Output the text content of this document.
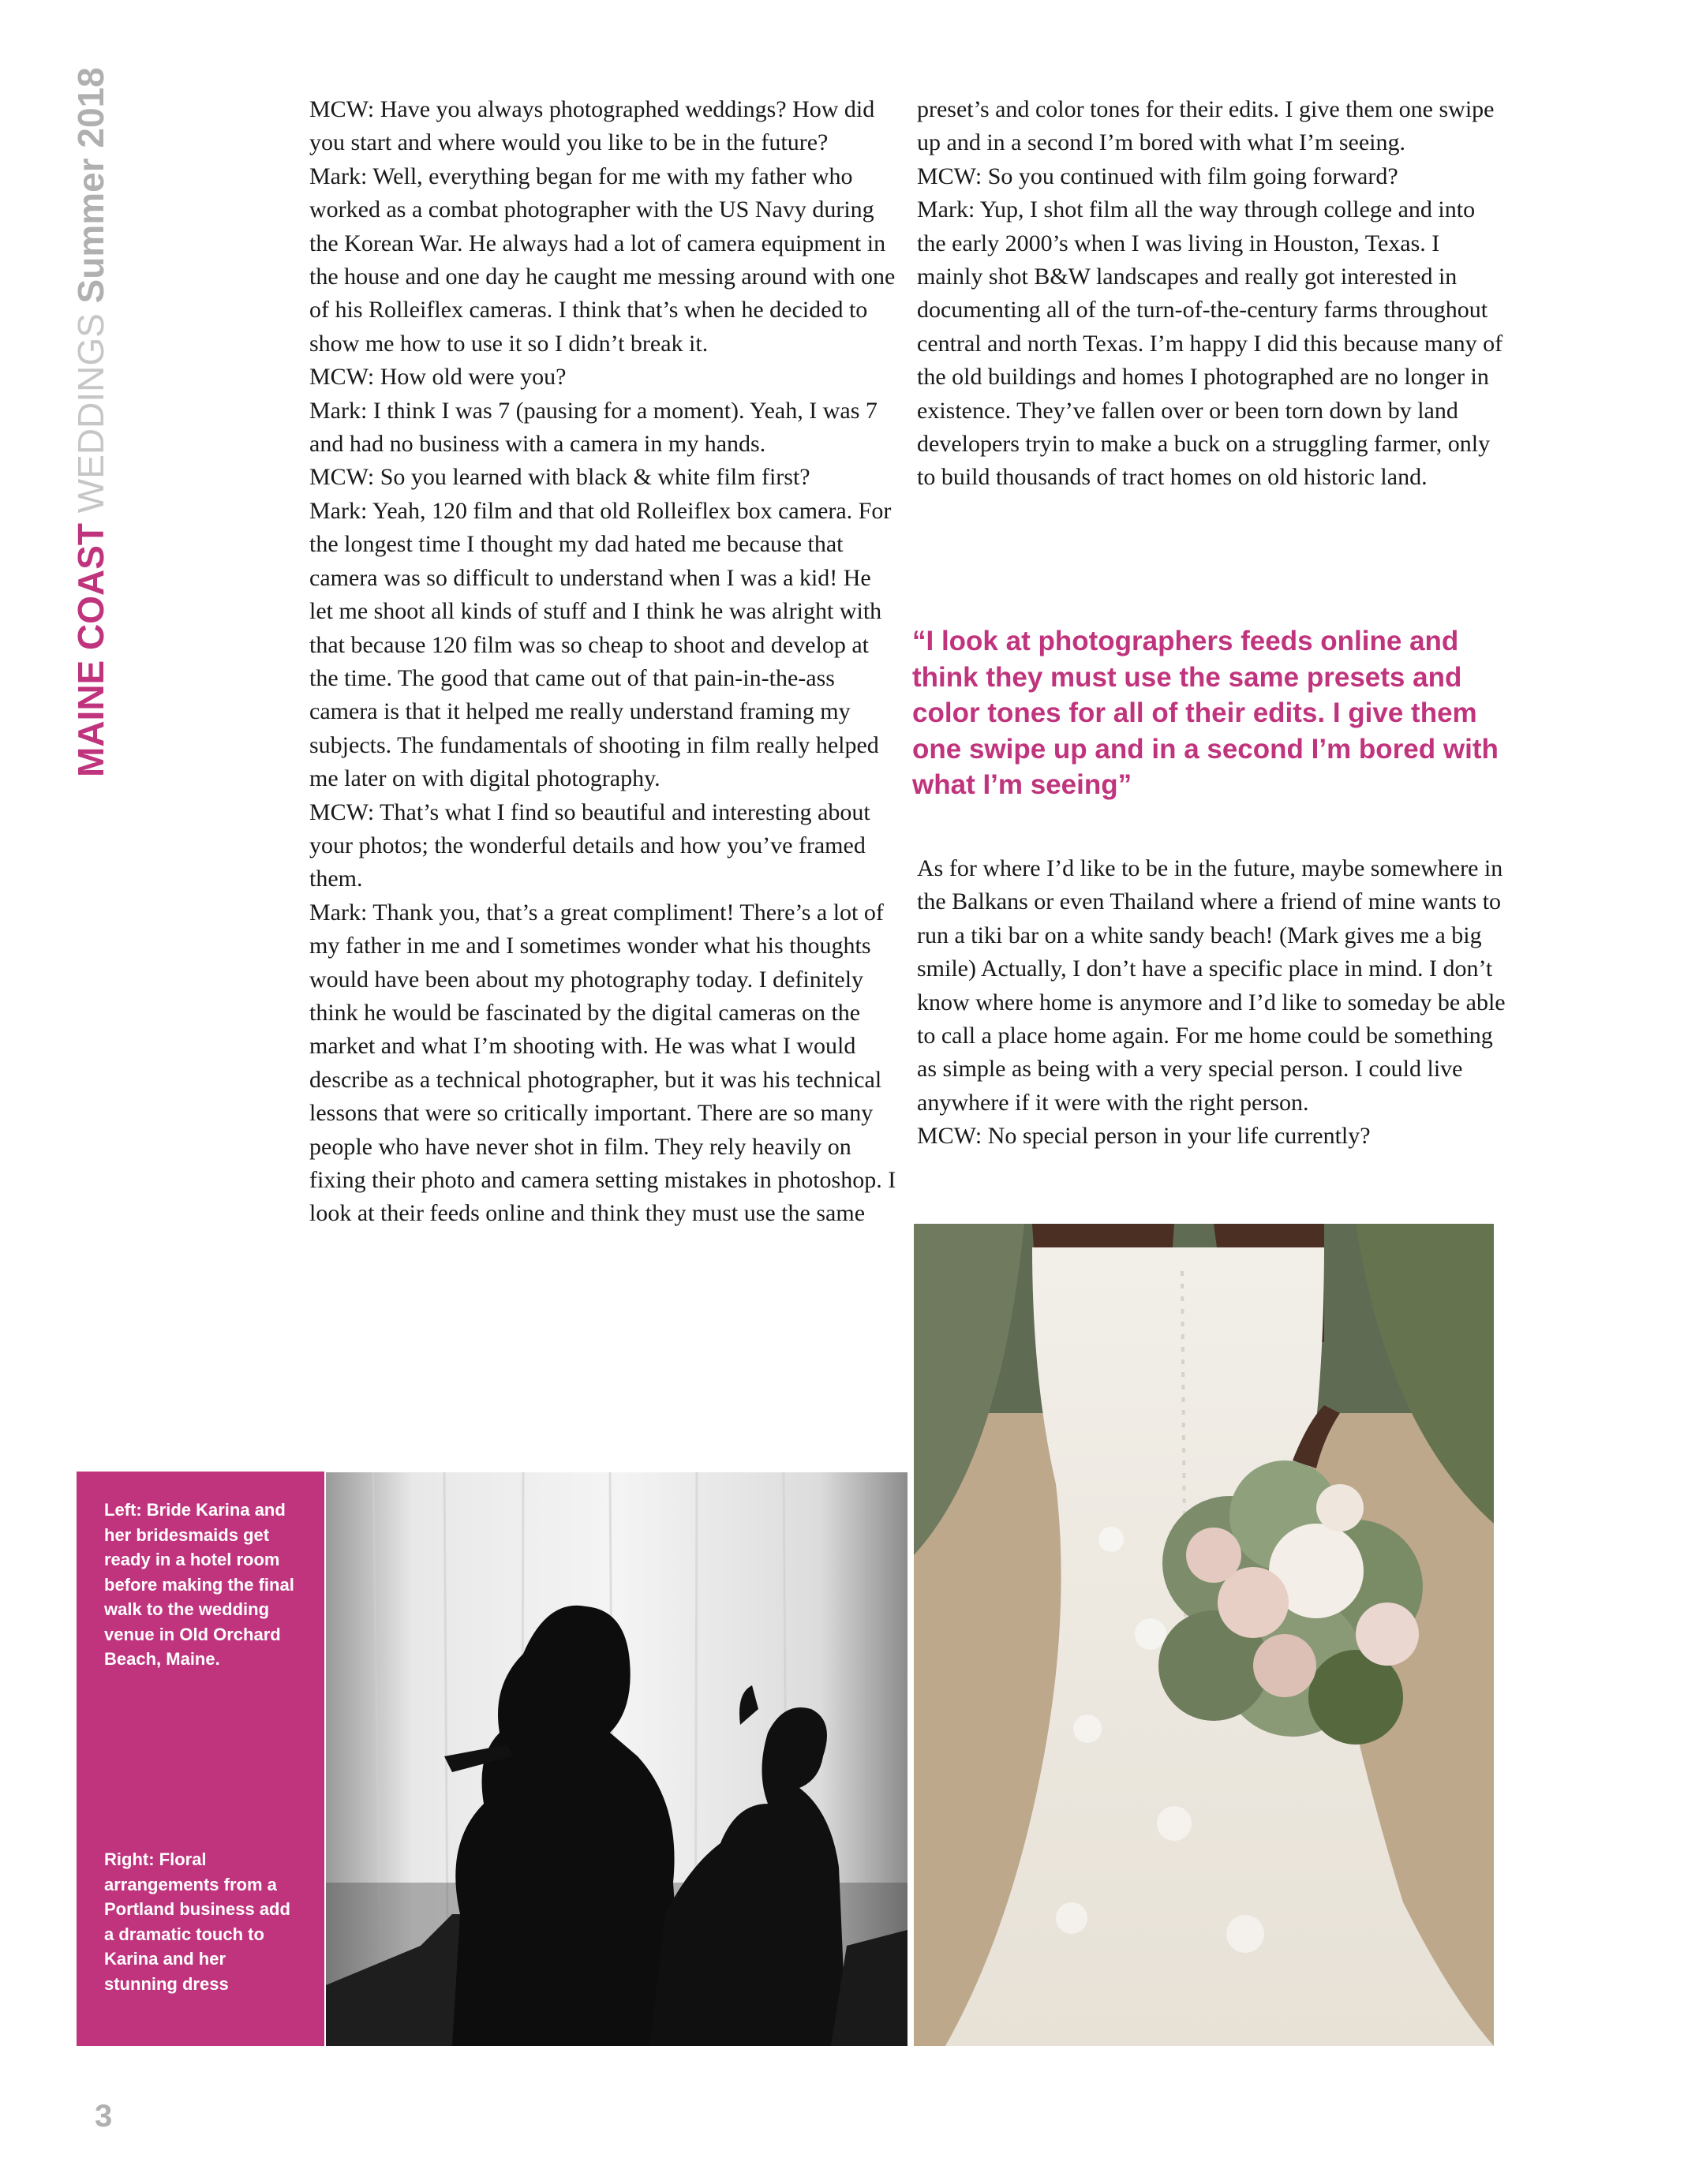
MAINE COAST WEDDINGS Summer 2018	MCW: Have you always photographed weddings? How did you start and where would you like to be in the future?

Mark: Well, everything began for me with my father who worked as a combat photographer with the US Navy during the Korean War. He always had a lot of camera equipment in the house and one day he caught me messing around with one of his Rolleiflex cameras. I think that’s when he decided to show me how to use it so I didn’t break it.

MCW: How old were you?

Mark: I think I was 7 (pausing for a moment). Yeah, I was 7 and had no business with a camera in my hands.

MCW: So you learned with black & white film first?

Mark: Yeah, 120 film and that old Rolleiflex box camera. For the longest time I thought my dad hated me because that camera was so difficult to understand when I was a kid! He let me shoot all kinds of stuff and I think he was alright with that because 120 film was so cheap to shoot and develop at the time. The good that came out of that pain-in-the-ass camera is that it helped me really understand framing my subjects. The fundamentals of shooting in film really helped me later on with digital photography.

MCW: That’s what I find so beautiful and interesting about your photos; the wonderful details and how you’ve framed them.

Mark: Thank you, that’s a great compliment! There’s a lot of my father in me and I sometimes wonder what his thoughts would have been about my photography today. I definitely think he would be fascinated by the digital cameras on the market and what I’m shooting with. He was what I would describe as a technical photographer, but it was his technical lessons that were so critically important. There are so many people who have never shot in film. They rely heavily on fixing their photo and camera setting mistakes in photoshop. I look at their feeds online and think they must use the same

preset’s and color tones for their edits. I give them one swipe up and in a second I’m bored with what I’m seeing.

MCW: So you continued with film going forward?

Mark: Yup, I shot film all the way through college and into the early 2000’s when I was living in Houston, Texas. I mainly shot B&W landscapes and really got interested in documenting all of the turn-of-the-century farms throughout central and north Texas. I’m happy I did this because many of the old buildings and homes I photographed are no longer in existence. They’ve fallen over or been torn down by land developers tryin to make a buck on a struggling farmer, only to build thousands of tract homes on old historic land.

“I look at photographers feeds online and think they must use the same presets and color tones for all of their edits. I give them one swipe up and in a second I’m bored with what I’m seeing”

As for where I’d like to be in the future, maybe somewhere in the Balkans or even Thailand where a friend of mine wants to run a tiki bar on a white sandy beach! (Mark gives me a big smile) Actually, I don’t have a specific place in mind. I don’t know where home is anymore and I’d like to someday be able to call a place home again. For me home could be something as simple as being with a very special person. I could live anywhere if it were with the right person.

MCW: No special person in your life currently?

Left: Bride Karina and her bridesmaids get ready in a hotel room before making the final walk to the wedding venue in Old Orchard Beach, Maine.
Right: Floral arrangements from a Portland business add a dramatic touch to Karina and her stunning dress
3
